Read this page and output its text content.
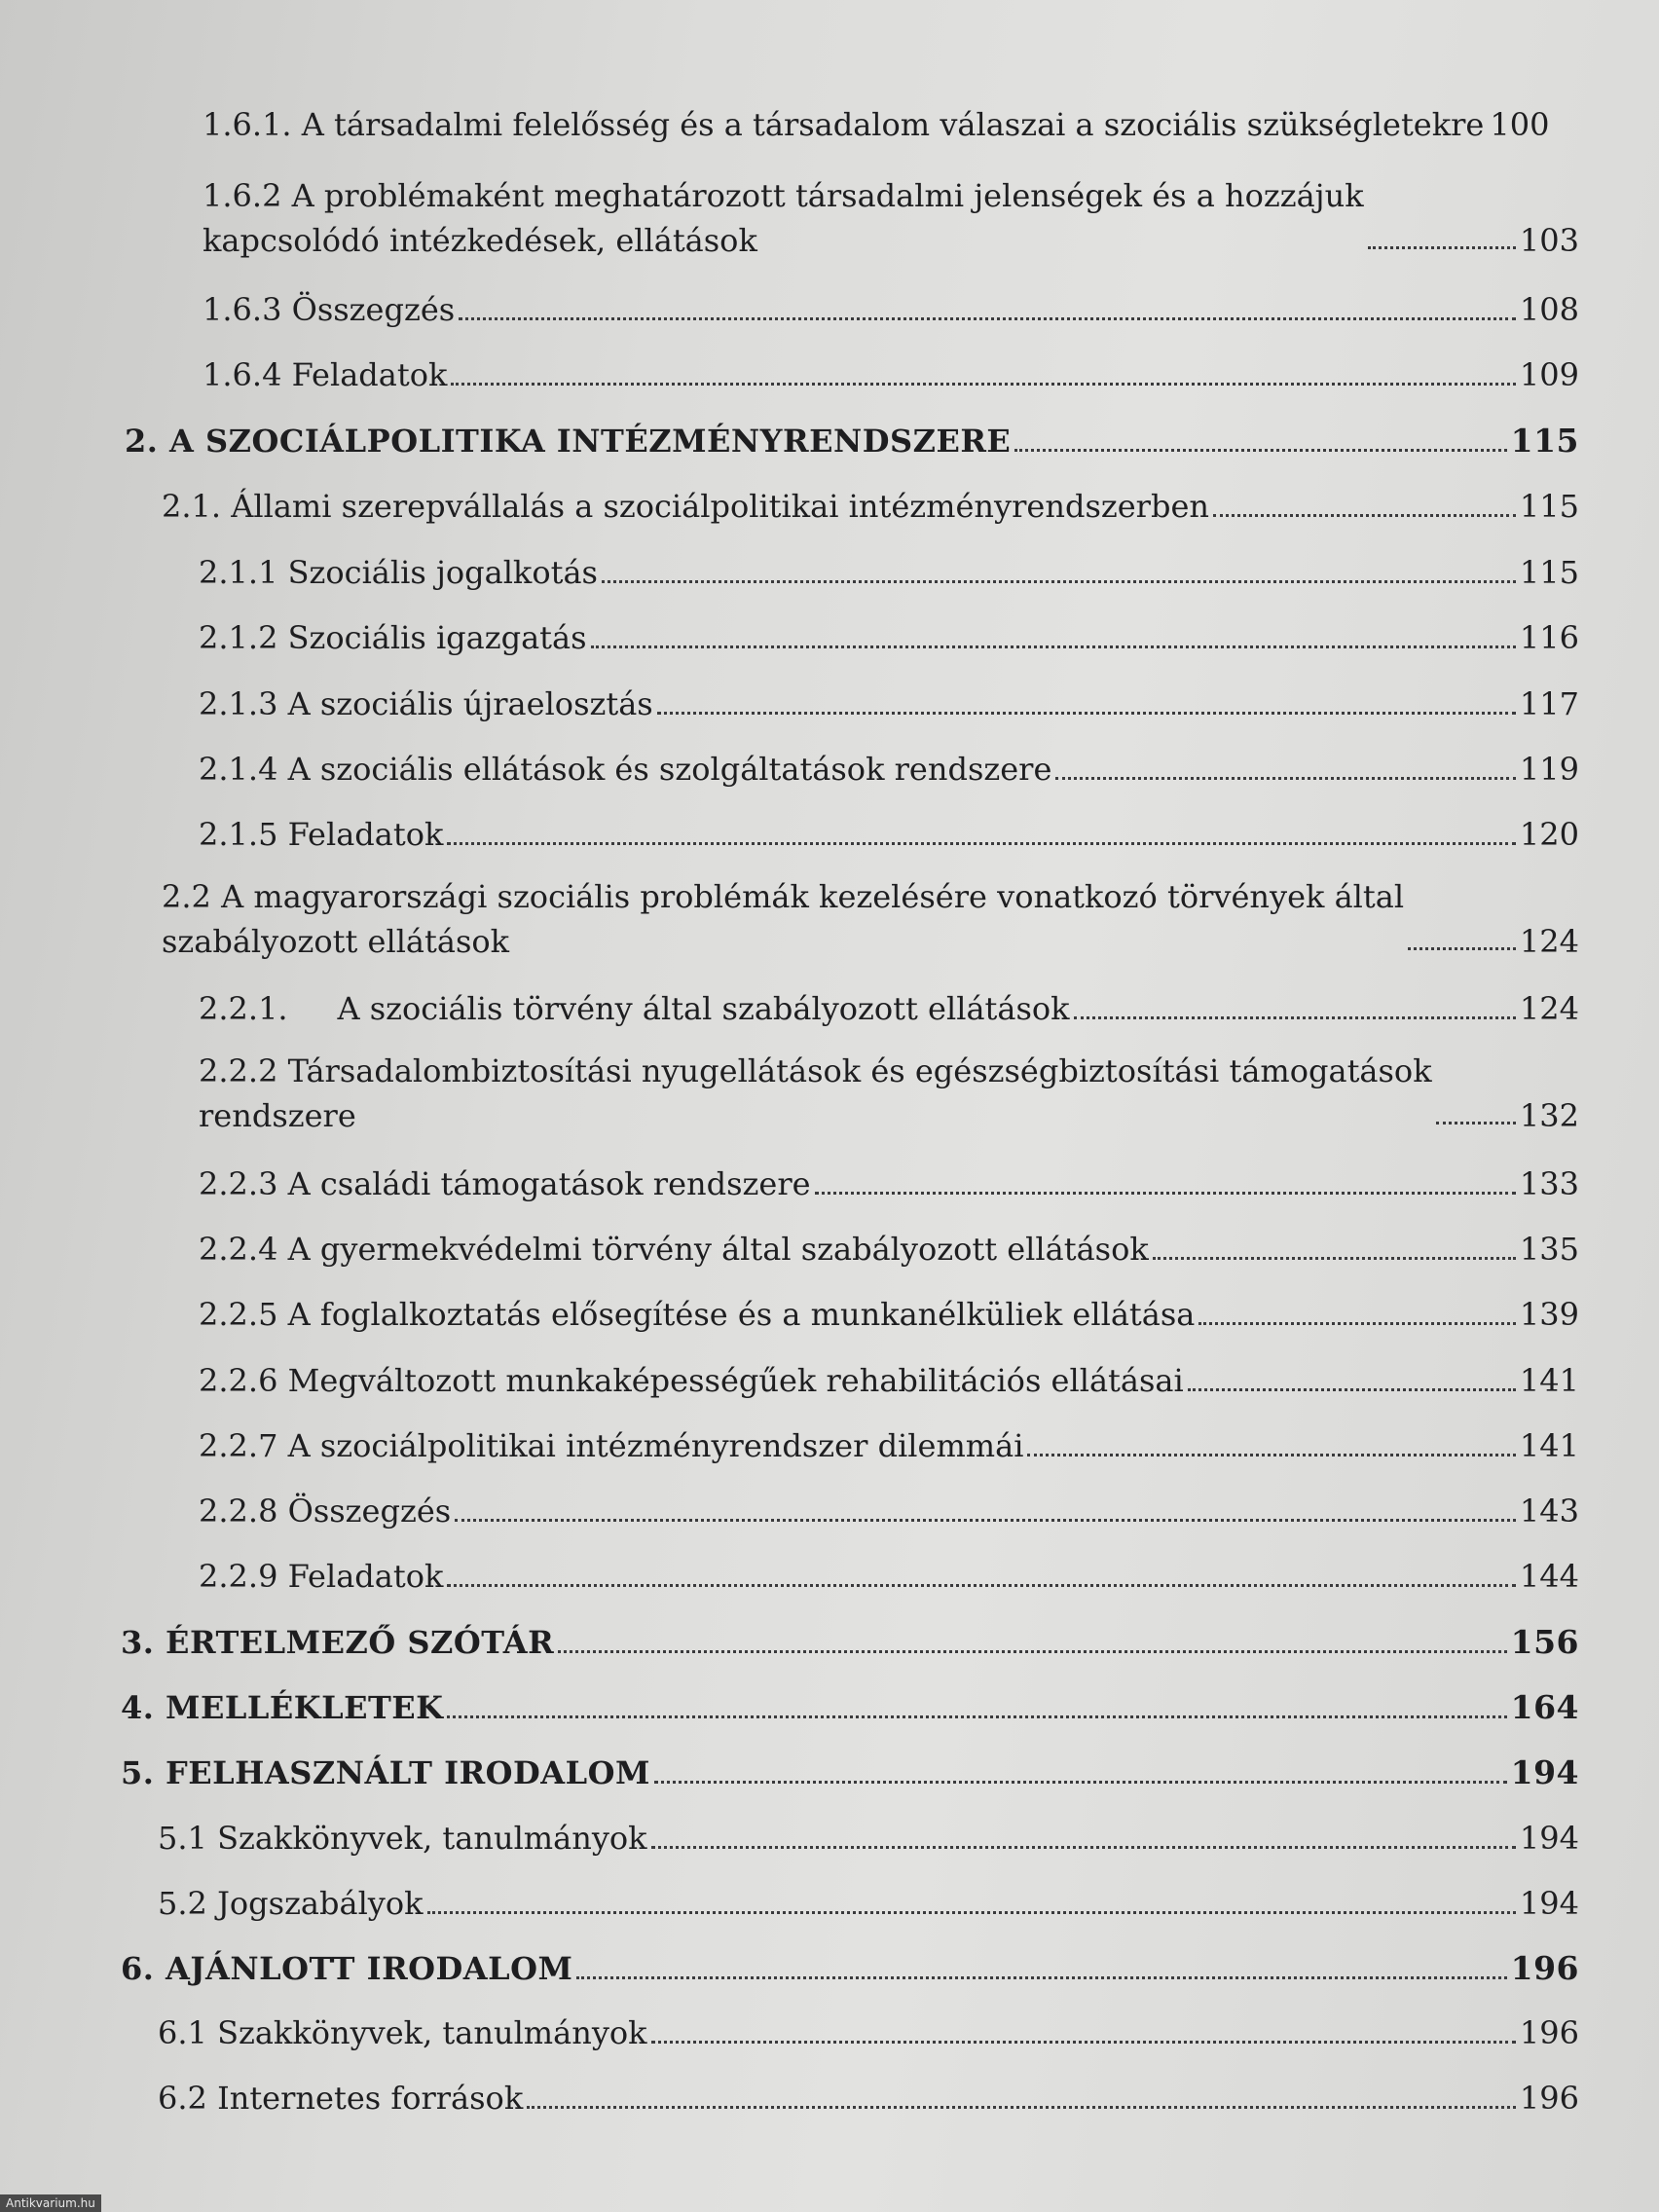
1.6.1. A társadalmi felelősség és a társadalom válaszai a szociális szükségletekre 100
1.6.2 A problémaként meghatározott társadalmi jelenségek és a hozzájuk
kapcsolódó intézkedések, ellátások	103
1.6.3 Összegzés	108
1.6.4 Feladatok	109
2. A SZOCIÁLPOLITIKA INTÉZMÉNYRENDSZERE	115
2.1. Állami szerepvállalás a szociálpolitikai intézményrendszerben	115
2.1.1 Szociális jogalkotás	115
2.1.2 Szociális igazgatás	116
2.1.3 A szociális újraelosztás	117
2.1.4 A szociális ellátások és szolgáltatások rendszere	119
2.1.5 Feladatok	120
2.2 A magyarországi szociális problémák kezelésére vonatkozó törvények által
szabályozott ellátások	124
2.2.1.     A szociális törvény által szabályozott ellátások	124
2.2.2 Társadalombiztosítási nyugellátások és egészségbiztosítási támogatások
rendszere	132
2.2.3 A családi támogatások rendszere	133
2.2.4 A gyermekvédelmi törvény által szabályozott ellátások	135
2.2.5 A foglalkoztatás elősegítése és a munkanélküliek ellátása	139
2.2.6 Megváltozott munkaképességűek rehabilitációs ellátásai	141
2.2.7 A szociálpolitikai intézményrendszer dilemmái	141
2.2.8 Összegzés	143
2.2.9 Feladatok	144
3. ÉRTELMEZŐ SZÓTÁR	156
4. MELLÉKLETEK	164
5. FELHASZNÁLT IRODALOM	194
5.1 Szakkönyvek, tanulmányok	194
5.2 Jogszabályok	194
6. AJÁNLOTT IRODALOM	196
6.1 Szakkönyvek, tanulmányok	196
6.2 Internetes források	196
Antikvarium.hu
